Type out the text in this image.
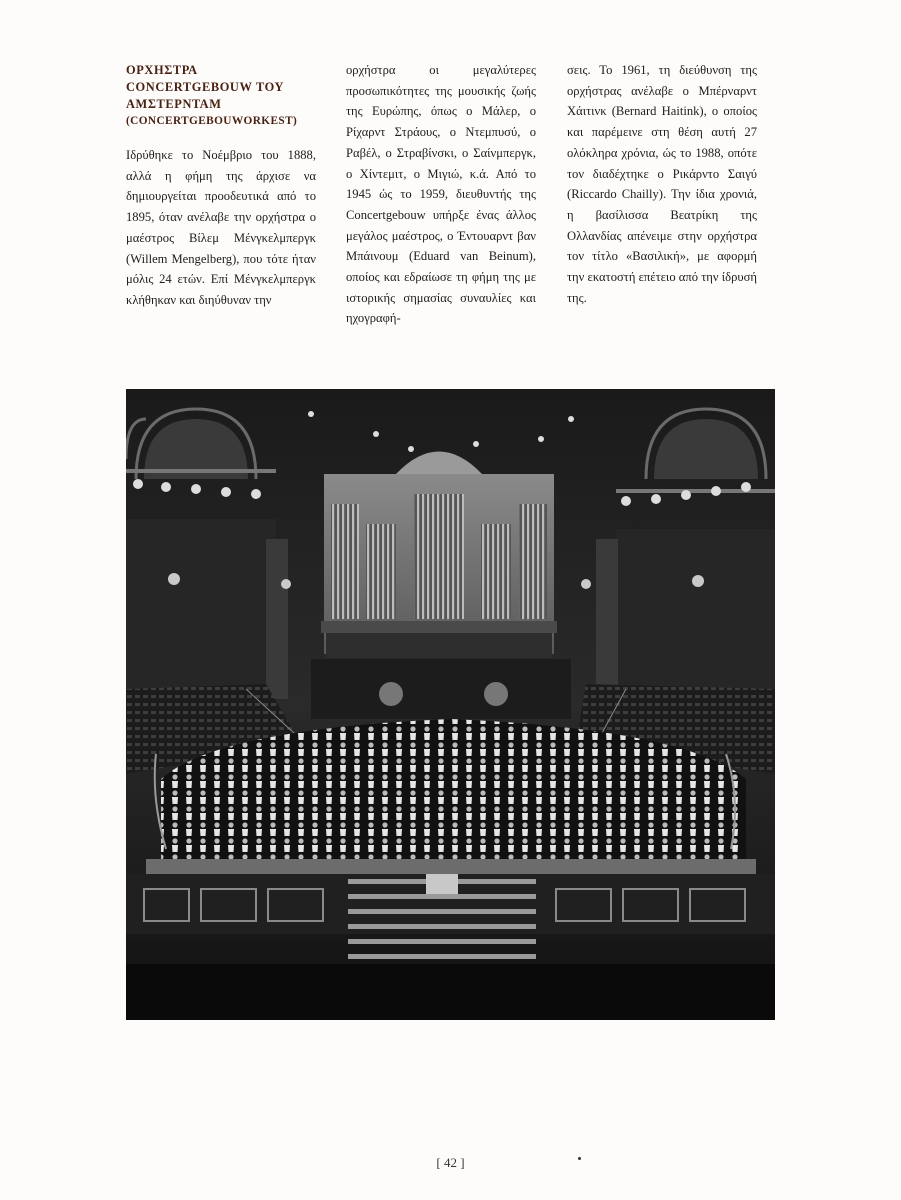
ΟΡΧΗΣΤΡΑ CONCERTGEBOUW ΤΟΥ ΑΜΣΤΕΡΝΤΑΜ
(CONCERTGEBOUWORKEST)

Ιδρύθηκε το Νοέμβριο του 1888, αλλά η φήμη της άρχισε να δημιουργείται προοδευτικά από το 1895, όταν ανέλαβε την ορχήστρα ο μαέστρος Βίλεμ Μένγκελμπεργκ (Willem Mengelberg), που τότε ήταν μόλις 24 ετών. Επί Μένγκελμπεργκ κλήθηκαν και διηύθυναν την

ορχήστρα οι μεγαλύτερες προσωπικότητες της μουσικής ζωής της Ευρώπης, όπως ο Μάλερ, ο Ρίχαρντ Στράους, ο Ντεμπυσύ, ο Ραβέλ, ο Στραβίνσκι, ο Σαίνμπεργκ, ο Χίντεμιτ, ο Μιγιώ, κ.ά. Από το 1945 ώς το 1959, διευθυντής της Concertgebouw υπήρξε ένας άλλος μεγάλος μαέστρος, ο Έντουαρντ βαν Μπάινουμ (Eduard van Beinum), οποίος και εδραίωσε τη φήμη της με ιστορικής σημασίας συναυλίες και ηχογραφή-

σεις. Το 1961, τη διεύθυνση της ορχήστρας ανέλαβε ο Μπέρναρντ Χάιτινκ (Bernard Haitink), ο οποίος και παρέμεινε στη θέση αυτή 27 ολόκληρα χρόνια, ώς το 1988, οπότε τον διαδέχτηκε ο Ρικάρντο Σαιγύ (Riccardo Chailly). Την ίδια χρονιά, η βασίλισσα Βεατρίκη της Ολλανδίας απένειμε στην ορχήστρα τον τίτλο «Βασιλική», με αφορμή την εκατοστή επέτειο από την ίδρυσή της.

[ 42 ]
